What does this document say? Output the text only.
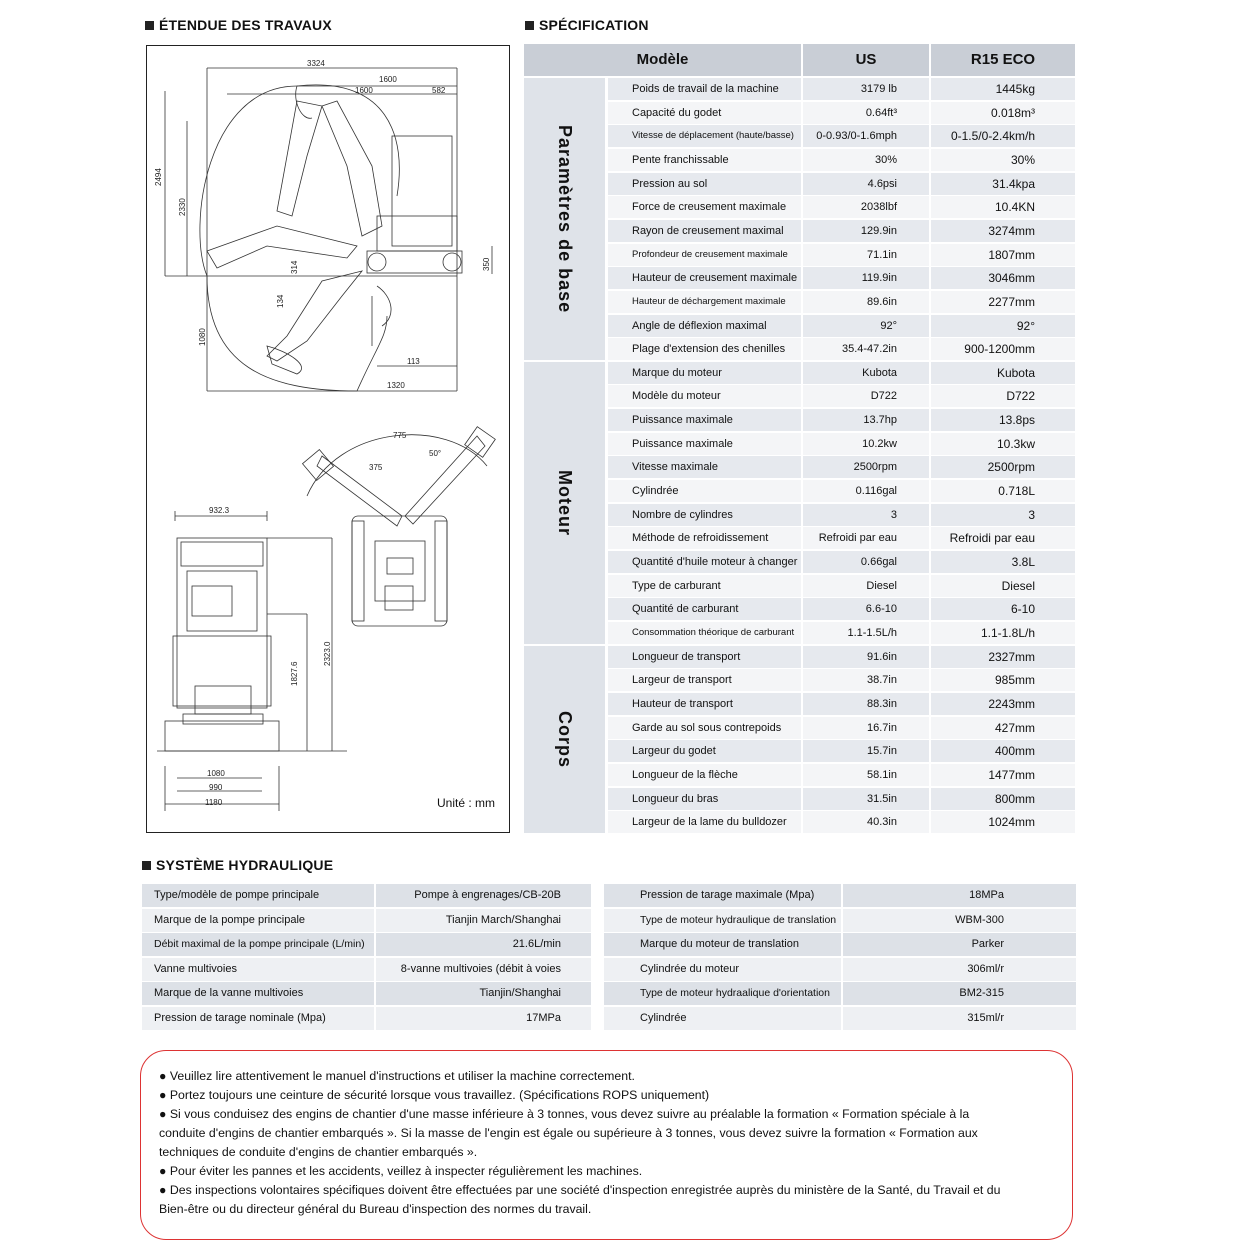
ÉTENDUE DES TRAVAUX	SPÉCIFICATION
SYSTÈME HYDRAULIQUE
3324
1600
1600	582
2494
2330
314	350
134
1080
113
1320
775
375
50°
932.3
2323.0
1827.6
1080
990
1180	Unité : mm
Modèle	US	R15 ECO
Paramètres de base
Moteur
Corps
Poids de travail de la machine	3179 lb	1445kg
Capacité du godet	0.64ft³	0.018m³
Vitesse de déplacement (haute/basse)	0-0.93/0-1.6mph	0-1.5/0-2.4km/h
Pente franchissable	30%	30%
Pression au sol	4.6psi	31.4kpa
Force de creusement maximale	2038lbf	10.4KN
Rayon de creusement maximal	129.9in	3274mm
Profondeur de creusement maximale	71.1in	1807mm
Hauteur de creusement maximale	119.9in	3046mm
Hauteur de déchargement maximale	89.6in	2277mm
Angle de déflexion maximal	92°	92°
Plage d'extension des chenilles	35.4-47.2in	900-1200mm
Marque du moteur	Kubota	Kubota
Modèle du moteur	D722	D722
Puissance maximale	13.7hp	13.8ps
Puissance maximale	10.2kw	10.3kw
Vitesse maximale	2500rpm	2500rpm
Cylindrée	0.116gal	0.718L
Nombre de cylindres	3	3
Méthode de refroidissement	Refroidi par eau	Refroidi par eau
Quantité d'huile moteur à changer	0.66gal	3.8L
Type de carburant	Diesel	Diesel
Quantité de carburant	6.6-10	6-10
Consommation théorique de carburant	1.1-1.5L/h	1.1-1.8L/h
Longueur de transport	91.6in	2327mm
Largeur de transport	38.7in	985mm
Hauteur de transport	88.3in	2243mm
Garde au sol sous contrepoids	16.7in	427mm
Largeur du godet	15.7in	400mm
Longueur de la flèche	58.1in	1477mm
Longueur du bras	31.5in	800mm
Largeur de la lame du bulldozer	40.3in	1024mm
Type/modèle de pompe principale	Pompe à engrenages/CB-20B
Marque de la pompe principale	Tianjin March/Shanghai
Débit maximal de la pompe principale (L/min)	21.6L/min
Vanne multivoies	8-vanne multivoies (débit à voies
Marque de la vanne multivoies	Tianjin/Shanghai
Pression de tarage nominale (Mpa)	17MPa
Pression de tarage maximale (Mpa)	18MPa
Type de moteur hydraulique de translation	WBM-300
Marque du moteur de translation	Parker
Cylindrée du moteur	306ml/r
Type de moteur hydraalique d'orientation	BM2-315
Cylindrée	315ml/r

● Veuillez lire attentivement le manuel d'instructions et utiliser la machine correctement.

● Portez toujours une ceinture de sécurité lorsque vous travaillez. (Spécifications ROPS uniquement)

● Si vous conduisez des engins de chantier d'une masse inférieure à 3 tonnes, vous devez suivre au préalable la formation « Formation spéciale à la conduite d'engins de chantier embarqués ». Si la masse de l'engin est égale ou supérieure à 3 tonnes, vous devez suivre la formation « Formation aux techniques de conduite d'engins de chantier embarqués ».

● Pour éviter les pannes et les accidents, veillez à inspecter régulièrement les machines.

● Des inspections volontaires spécifiques doivent être effectuées par une société d'inspection enregistrée auprès du ministère de la Santé, du Travail et du Bien-être ou du directeur général du Bureau d'inspection des normes du travail.
